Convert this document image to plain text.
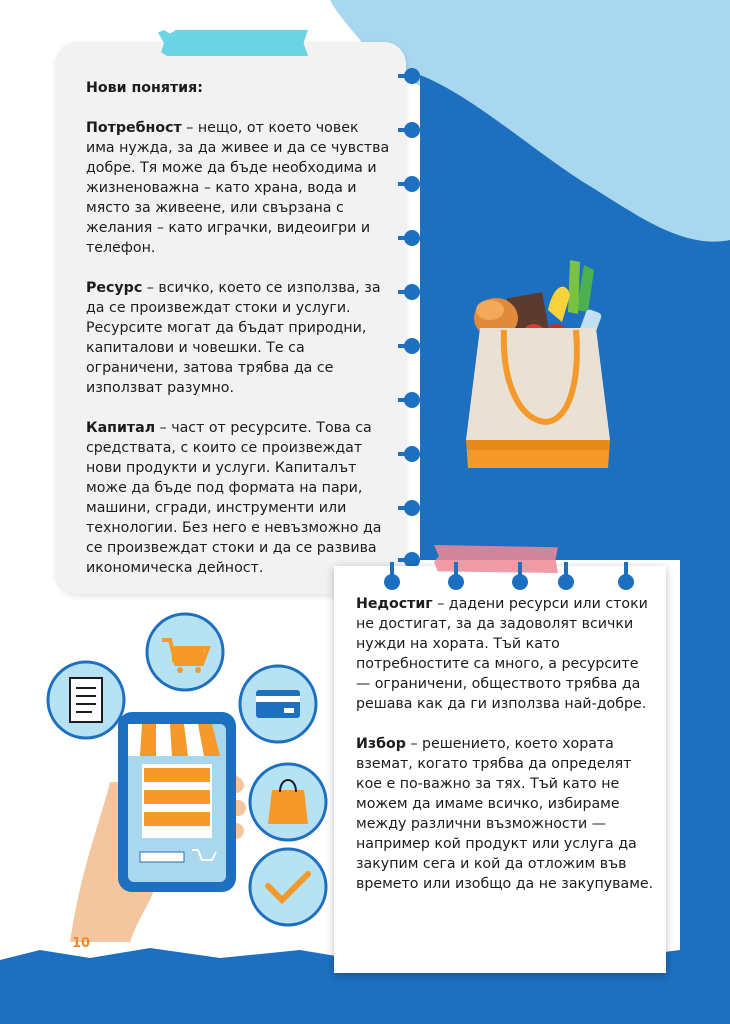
Нови понятия:

Потребност – нещо, от което човек има нужда, за да живее и да се чувства добре. Тя може да бъде необходима и жизненоважна – като храна, вода и място за живеене, или свързана с желания – като играчки, видеоигри и телефон.

Ресурс – всичко, което се използва, за да се произвеждат стоки и услуги. Ресурсите могат да бъдат природни, капиталови и човешки. Те са ограничени, затова трябва да се използват разумно.

Капитал – част от ресурсите. Това са средствата, с които се произвеждат нови продукти и услуги. Капиталът може да бъде под формата на пари, машини, сгради, инструменти или технологии. Без него е невъзможно да се произвеждат стоки и да се развива икономическа дейност.

Недостиг – дадени ресурси или стоки не достигат, за да задоволят всички нужди на хората. Тъй като потребностите са много, а ресурсите — ограничени, обществото трябва да решава как да ги използва най-добре.

Избор – решението, което хората вземат, когато трябва да определят кое е по-важно за тях. Тъй като не можем да имаме всичко, избираме между различни възможности — например кой продукт или услуга да закупим сега и кой да отложим във времето или изобщо да не закупуваме.

10
